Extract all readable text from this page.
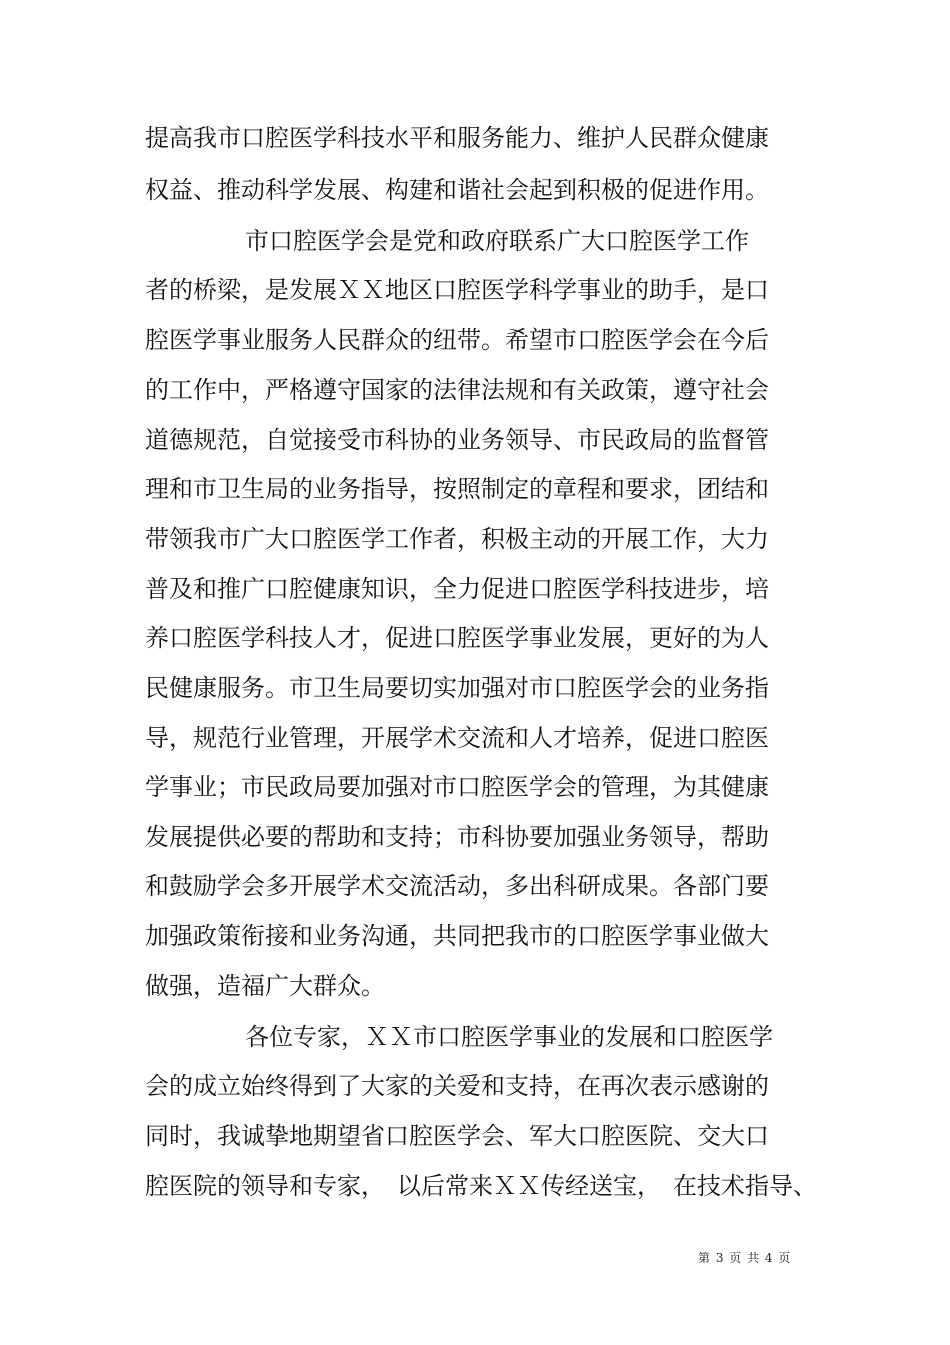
提高我市口腔医学科技水平和服务能力、维护人民群众健康
权益、推动科学发展、构建和谐社会起到积极的促进作用。
市口腔医学会是党和政府联系广大口腔医学工作
者的桥梁，是发展ＸＸ地区口腔医学科学事业的助手，是口
腔医学事业服务人民群众的纽带。希望市口腔医学会在今后
的工作中，严格遵守国家的法律法规和有关政策，遵守社会
道德规范，自觉接受市科协的业务领导、市民政局的监督管
理和市卫生局的业务指导，按照制定的章程和要求，团结和
带领我市广大口腔医学工作者，积极主动的开展工作，大力
普及和推广口腔健康知识，全力促进口腔医学科技进步，培
养口腔医学科技人才，促进口腔医学事业发展，更好的为人
民健康服务。市卫生局要切实加强对市口腔医学会的业务指
导，规范行业管理，开展学术交流和人才培养，促进口腔医
学事业；市民政局要加强对市口腔医学会的管理，为其健康
发展提供必要的帮助和支持；市科协要加强业务领导，帮助
和鼓励学会多开展学术交流活动，多出科研成果。各部门要
加强政策衔接和业务沟通，共同把我市的口腔医学事业做大
做强，造福广大群众。
各位专家，ＸＸ市口腔医学事业的发展和口腔医学
会的成立始终得到了大家的关爱和支持，在再次表示感谢的
同时，我诚挚地期望省口腔医学会、军大口腔医院、交大口
腔医院的领导和专家，　以后常来ＸＸ传经送宝，　在技术指导、
第 3 页 共 4 页
